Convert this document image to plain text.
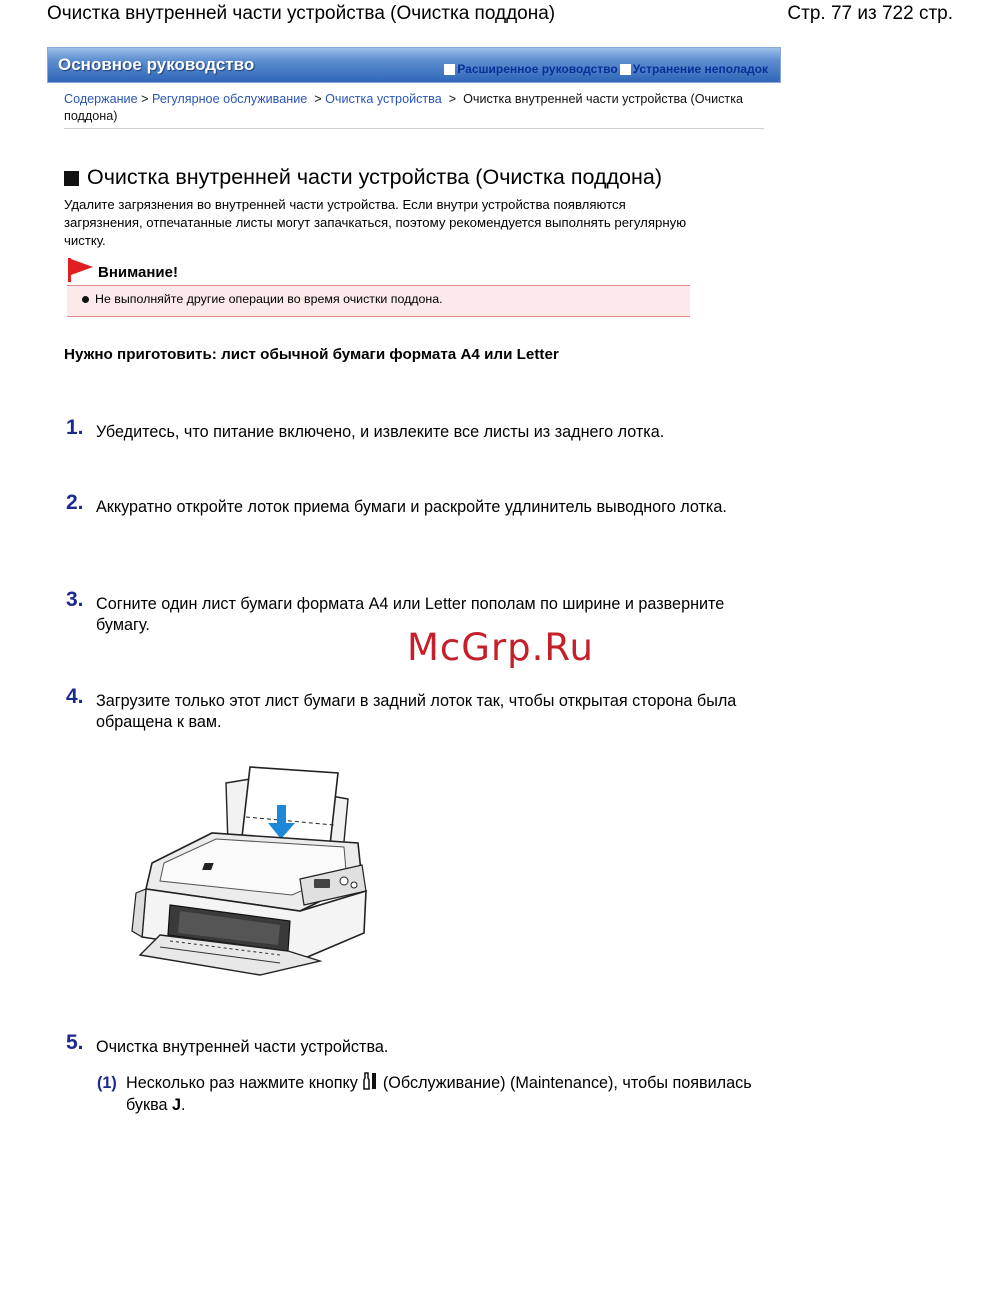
Очистка внутренней части устройства (Очистка поддона)	Стр. 77 из 722 стр.
Основное руководство	Расширенное руководство Устранение неполадок
Содержание > Регулярное обслуживание > Очистка устройства > Очистка внутренней части устройства (Очистка поддона)
Очистка внутренней части устройства (Очистка поддона)
Удалите загрязнения во внутренней части устройства. Если внутри устройства появляются загрязнения, отпечатанные листы могут запачкаться, поэтому рекомендуется выполнять регулярную чистку.
Внимание!
Не выполняйте другие операции во время очистки поддона.
Нужно приготовить: лист обычной бумаги формата A4 или Letter
1. Убедитесь, что питание включено, и извлеките все листы из заднего лотка.
2. Аккуратно откройте лоток приема бумаги и раскройте удлинитель выводного лотка.
3. Согните один лист бумаги формата A4 или Letter пополам по ширине и разверните бумагу.
McGrp.Ru
4. Загрузите только этот лист бумаги в задний лоток так, чтобы открытая сторона была обращена к вам.
5. Очистка внутренней части устройства.
(1) Несколько раз нажмите кнопку (Обслуживание) (Maintenance), чтобы появилась буква J.
